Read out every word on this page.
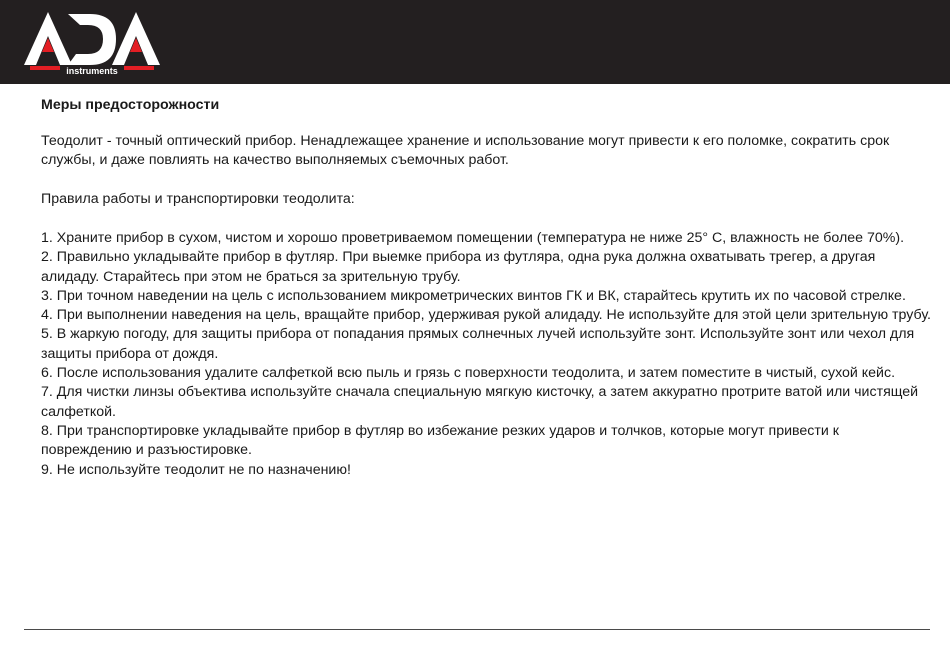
instruments
Меры предосторожности

Теодолит - точный оптический прибор. Ненадлежащее хранение и использование могут привести к его поломке, сократить срок службы, и даже повлиять на качество выполняемых съемочных работ.

Правила работы и транспортировки теодолита:

1. Храните прибор в сухом, чистом и хорошо проветриваемом помещении (температура не ниже 25° С, влажность не более 70%).
2. Правильно укладывайте прибор в футляр. При выемке прибора из футляра, одна рука должна охватывать трегер, а другая алидаду. Старайтесь при этом не браться за зрительную трубу.
3. При точном наведении на цель с использованием микрометрических винтов ГК и ВК, старайтесь крутить их по часовой стрелке.
4. При выполнении наведения на цель, вращайте прибор, удерживая рукой алидаду. Не используйте для этой цели зрительную трубу.
5. В жаркую погоду, для защиты прибора от попадания прямых солнечных лучей используйте зонт. Используйте зонт или чехол для защиты прибора от дождя.
6. После использования удалите салфеткой всю пыль и грязь с поверхности теодолита, и затем поместите в чистый, сухой кейс.
7. Для чистки линзы объектива используйте сначала специальную мягкую кисточку, а затем аккуратно протрите ватой или чистящей салфеткой.
8. При транспортировке укладывайте прибор в футляр во избежание резких ударов и толчков, которые могут привести к повреждению и разъюстировке.
9. Не используйте теодолит не по назначению!
